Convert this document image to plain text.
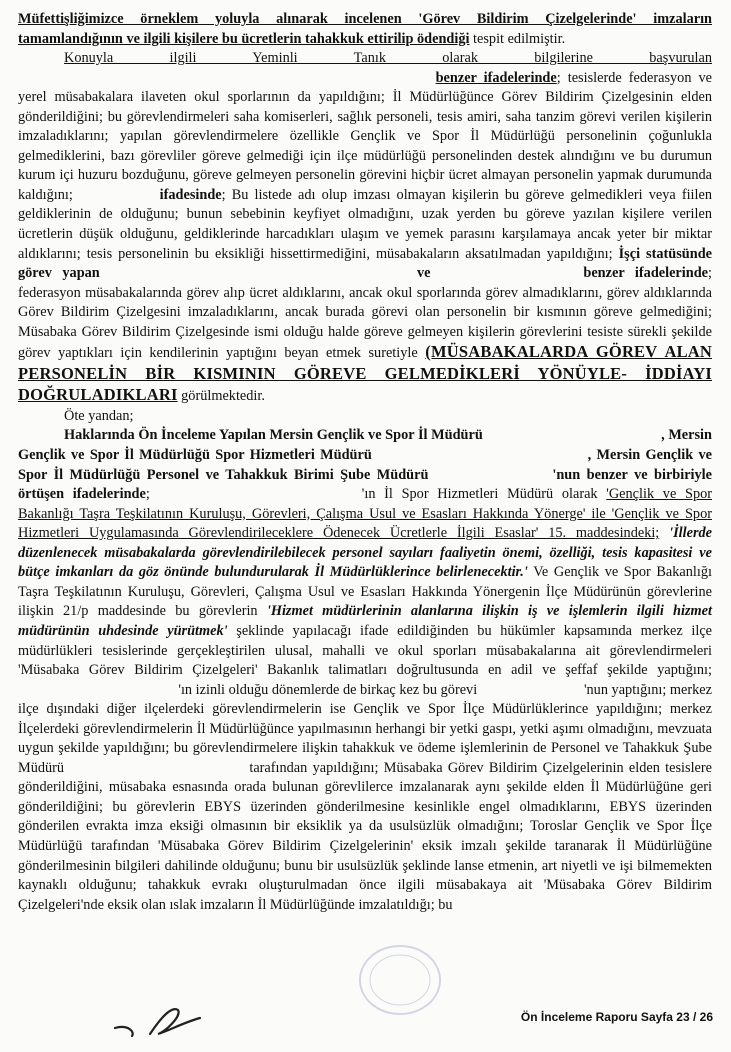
Müfettişliğimizce örneklem yoluyla alınarak incelenen 'Görev Bildirim Çizelgelerinde' imzaların tamamlandığının ve ilgili kişilere bu ücretlerin tahakkuk ettirilip ödendiği tespit edilmiştir.

Konuyla ilgili Yeminli Tanık olarak bilgilerine başvurulan  benzer ifadelerinde; tesislerde federasyon ve yerel müsabakalara ilaveten okul sporlarının da yapıldığını; İl Müdürlüğünce Görev Bildirim Çizelgesinin elden gönderildiğini; bu görevlendirmeleri saha komiserleri, sağlık personeli, tesis amiri, saha tanzim görevi verilen kişilerin imzaladıklarını; yapılan görevlendirmelere özellikle Gençlik ve Spor İl Müdürlüğü personelinin çoğunlukla gelmediklerini, bazı görevliler göreve gelmediği için ilçe müdürlüğü personelinden destek alındığını ve bu durumun kurum içi huzuru bozduğunu, göreve gelmeyen personelin görevini hiçbir ücret almayan personelin yapmak durumunda kaldığını;	ifadesinde; Bu listede adı olup imzası olmayan kişilerin bu göreve gelmedikleri veya fiilen geldiklerinin de olduğunu; bunun sebebinin keyfiyet olmadığını, uzak yerden bu göreve yazılan kişilere verilen ücretlerin düşük olduğunu, geldiklerinde harcadıkları ulaşım ve yemek parasını karşılamaya ancak yeter bir miktar aldıklarını; tesis personelinin bu eksikliği hissettirmediğini, müsabakaların aksatılmadan yapıldığını; İşçi statüsünde görev yapan	ve	benzer ifadelerinde; federasyon müsabakalarında görev alıp ücret aldıklarını, ancak okul sporlarında görev almadıklarını, görev aldıklarında Görev Bildirim Çizelgesini imzaladıklarını, ancak burada görevi olan personelin bir kısmının göreve gelmediğini; Müsabaka Görev Bildirim Çizelgesinde ismi olduğu halde göreve gelmeyen kişilerin görevlerini tesiste sürekli şekilde görev yaptıkları için kendilerinin yaptığını beyan etmek suretiyle (MÜSABAKALARDA GÖREV ALAN PERSONELİN BİR KISMININ GÖREVE GELMEDİKLERİ YÖNÜYLE- İDDİAYI DOĞRULADIKLARI görülmektedir.

Öte yandan;

Haklarında Ön İnceleme Yapılan Mersin Gençlik ve Spor İl Müdürü	, Mersin Gençlik ve Spor İl Müdürlüğü Spor Hizmetleri Müdürü	, Mersin Gençlik ve Spor İl Müdürlüğü Personel ve Tahakkuk Birimi Şube Müdürü	'nun benzer ve birbiriyle örtüşen ifadelerinde;	'ın İl Spor Hizmetleri Müdürü olarak 'Gençlik ve Spor Bakanlığı Taşra Teşkilatının Kuruluşu, Görevleri, Çalışma Usul ve Esasları Hakkında Yönerge' ile 'Gençlik ve Spor Hizmetleri Uygulamasında Görevlendirileceklere Ödenecek Ücretlerle İlgili Esaslar' 15. maddesindeki; 'İllerde düzenlenecek müsabakalarda görevlendirilebilecek personel sayıları faaliyetin önemi, özelliği, tesis kapasitesi ve bütçe imkanları da göz önünde bulundurularak İl Müdürlüklerince belirlenecektir.' Ve Gençlik ve Spor Bakanlığı Taşra Teşkilatının Kuruluşu, Görevleri, Çalışma Usul ve Esasları Hakkında Yönergenin İlçe Müdürünün görevlerine ilişkin 21/p maddesinde bu görevlerin 'Hizmet müdürlerinin alanlarına ilişkin iş ve işlemlerin ilgili hizmet müdürünün uhdesinde yürütmek' şeklinde yapılacağı ifade edildiğinden bu hükümler kapsamında merkez ilçe müdürlükleri tesislerinde gerçekleştirilen ulusal, mahalli ve okul sporları müsabakalarına ait görevlendirmeleri 'Müsabaka Görev Bildirim Çizelgeleri' Bakanlık talimatları doğrultusunda en adil ve şeffaf şekilde yaptığını; 'ın izinli olduğu dönemlerde de birkaç kez bu görevi	'nun yaptığını; merkez ilçe dışındaki diğer ilçelerdeki görevlendirmelerin ise Gençlik ve Spor İlçe Müdürlüklerince yapıldığını; merkez İlçelerdeki görevlendirmelerin İl Müdürlüğünce yapılmasının herhangi bir yetki gaspı, yetki aşımı olmadığını, mevzuata uygun şekilde yapıldığını; bu görevlendirmelere ilişkin tahakkuk ve ödeme işlemlerinin de Personel ve Tahakkuk Şube Müdürü	tarafından yapıldığını; Müsabaka Görev Bildirim Çizelgelerinin elden tesislere gönderildiğini, müsabaka esnasında orada bulunan görevlilerce imzalanarak aynı şekilde elden İl Müdürlüğüne geri gönderildiğini; bu görevlerin EBYS üzerinden gönderilmesine kesinlikle engel olmadıklarını, EBYS üzerinden gönderilen evrakta imza eksiği olmasının bir eksiklik ya da usulsüzlük olmadığını; Toroslar Gençlik ve Spor İlçe Müdürlüğü tarafından 'Müsabaka Görev Bildirim Çizelgelerinin' eksik imzalı şekilde taranarak İl Müdürlüğüne gönderilmesinin bilgileri dahilinde olduğunu; bunu bir usulsüzlük şeklinde lanse etmenin, art niyetli ve işi bilmemekten kaynaklı olduğunu; tahakkuk evrakı oluşturulmadan önce ilgili müsabakaya ait 'Müsabaka Görev Bildirim Çizelgeleri'nde eksik olan ıslak imzaların İl Müdürlüğünde imzalatıldığı; bu

Ön İnceleme Raporu Sayfa 23 / 26
